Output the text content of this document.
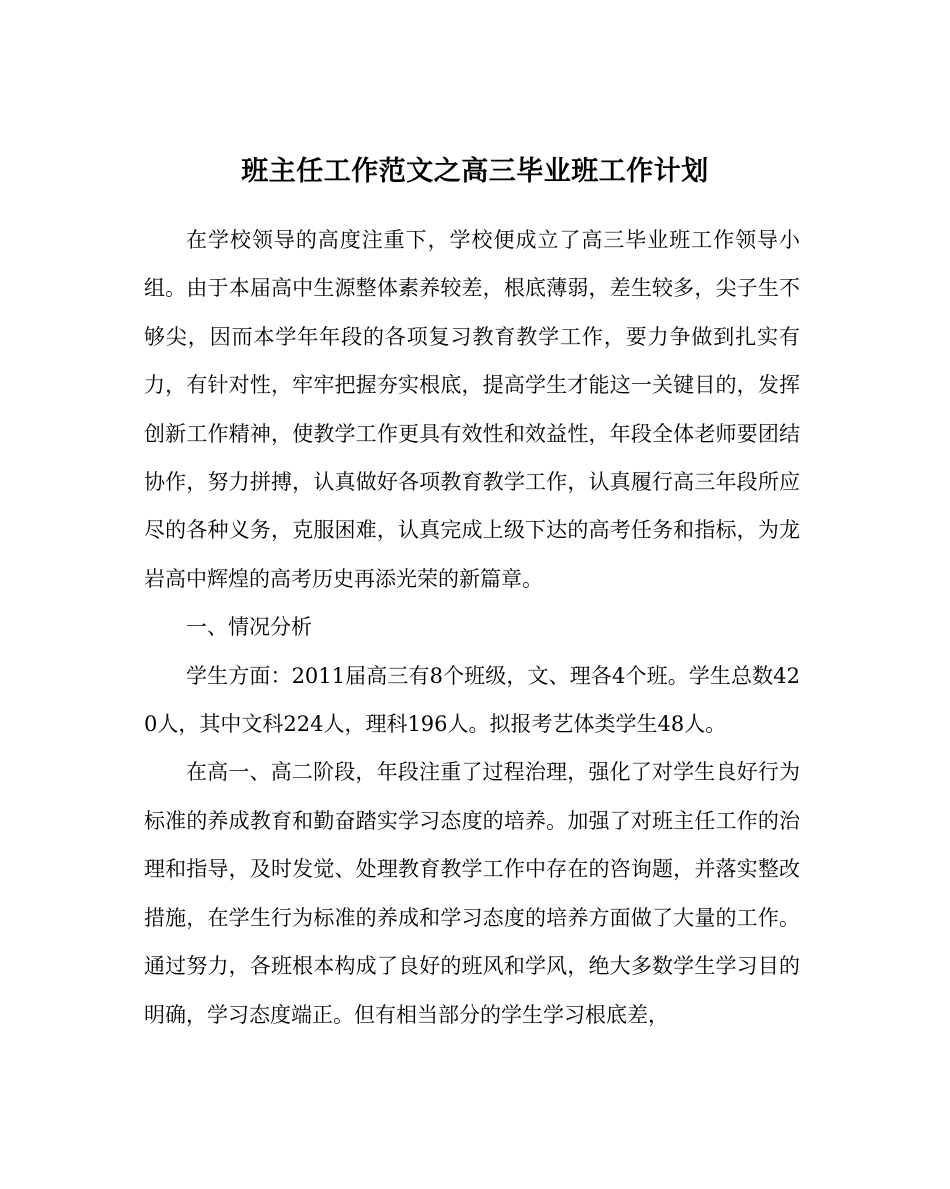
班主任工作范文之高三毕业班工作计划

在学校领导的高度注重下，学校便成立了高三毕业班工作领导小组。由于本届高中生源整体素养较差，根底薄弱，差生较多，尖子生不够尖，因而本学年年段的各项复习教育教学工作，要力争做到扎实有力，有针对性，牢牢把握夯实根底，提高学生才能这一关键目的，发挥创新工作精神，使教学工作更具有效性和效益性，年段全体老师要团结协作，努力拼搏，认真做好各项教育教学工作，认真履行高三年段所应尽的各种义务，克服困难，认真完成上级下达的高考任务和指标，为龙岩高中辉煌的高考历史再添光荣的新篇章。

一、情况分析

学生方面：2011届高三有8个班级，文、理各4个班。学生总数420人，其中文科224人，理科196人。拟报考艺体类学生48人。

在高一、高二阶段，年段注重了过程治理，强化了对学生良好行为标准的养成教育和勤奋踏实学习态度的培养。加强了对班主任工作的治理和指导，及时发觉、处理教育教学工作中存在的咨询题，并落实整改措施，在学生行为标准的养成和学习态度的培养方面做了大量的工作。通过努力，各班根本构成了良好的班风和学风，绝大多数学生学习目的明确，学习态度端正。但有相当部分的学生学习根底差，
